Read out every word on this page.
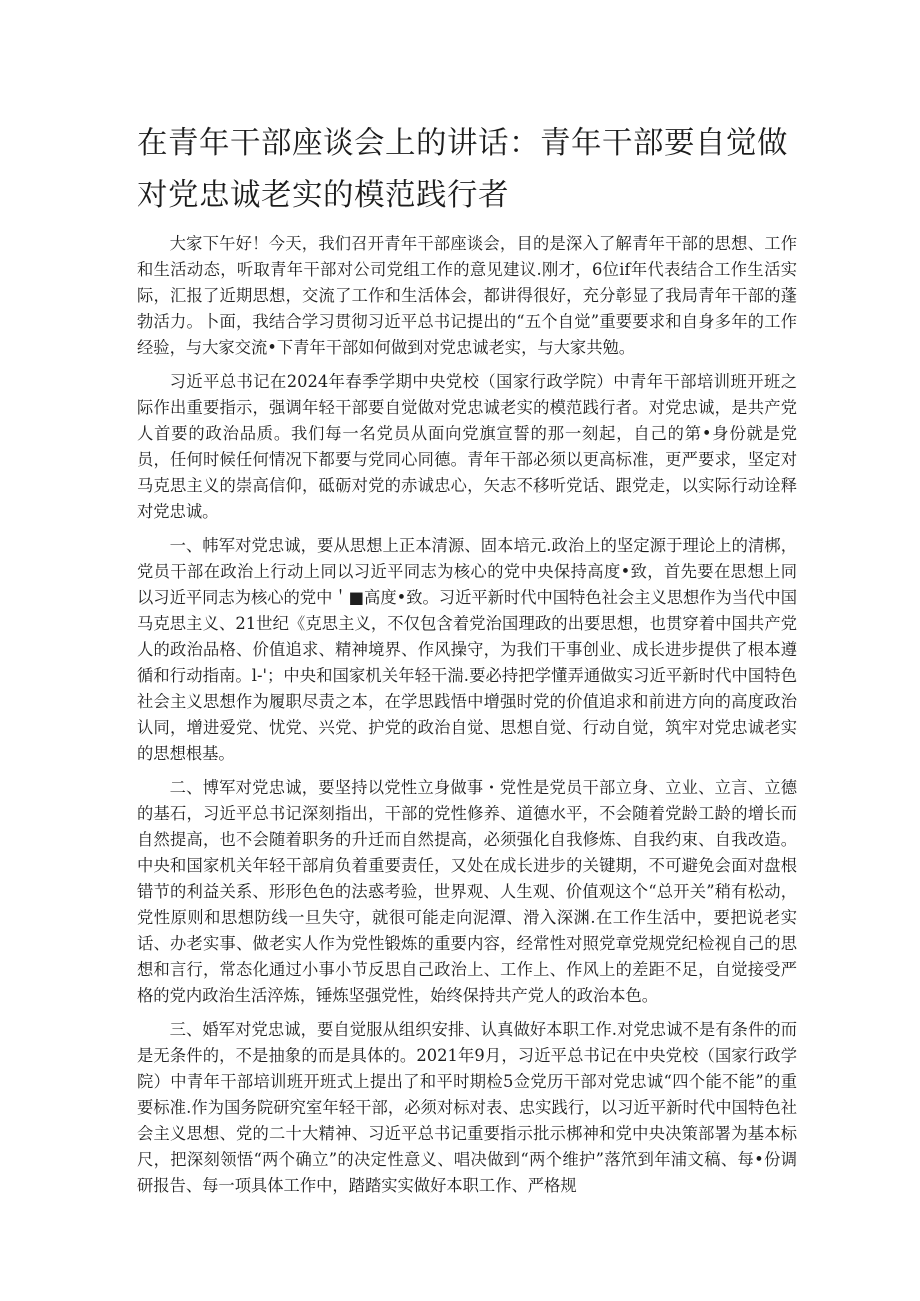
在青年干部座谈会上的讲话：青年干部要自觉做对党忠诚老实的模范践行者

大家下午好！今天，我们召开青年干部座谈会，目的是深入了解青年干部的思想、工作和生活动态，听取青年干部对公司党组工作的意见建议.刚才，6位if年代表结合工作生活实际，汇报了近期思想，交流了工作和生活体会，都讲得很好，充分彰显了我局青年干部的蓬勃活力。卜面，我结合学习贯彻习近平总书记提出的“五个自觉”重要要求和自身多年的工作经验，与大家交流•下青年干部如何做到对党忠诚老实，与大家共勉。

习近平总书记在2024年春季学期中央党校（国家行政学院）中青年干部培训班开班之际作出重要指示，强调年轻干部要自觉做对党忠诚老实的模范践行者。对党忠诚，是共产党人首要的政治品质。我们每一名党员从面向党旗宣誓的那一刻起，自己的第•身份就是党员，任何时候任何情况下都要与党同心同德。青年干部必须以更高标准，更严要求，坚定对马克思主义的崇高信仰，砥砺对党的赤诚忠心，矢志不移听党话、跟党走，以实际行动诠释对党忠诚。

一、帏军对党忠诚，要从思想上正本清源、固本培元.政治上的坚定源于理论上的清梆，党员干部在政治上行动上同以习近平同志为核心的党中央保持高度•致，首先要在思想上同以习近平同志为核心的党中＇■高度•致。习近平新时代中国特色社会主义思想作为当代中国马克思主义、21世纪《克思主义，不仅包含着党治国理政的出要思想，也贯穿着中国共产党人的政治品格、价值追求、精神境界、作风操守，为我们干事创业、成长进步提供了根本遵循和行动指南。l-'；中央和国家机关年轻干湍.要必持把学懂弄通做实习近平新时代中国特色社会主义思想作为履职尽责之本，在学思践悟中增强时党的价值追求和前进方向的高度政治认同，增进爱党、忧党、兴党、护党的政治自觉、思想自觉、行动自觉，筑牢对党忠诚老实的思想根基。

二、博军对党忠诚，要坚持以党性立身做事・党性是党员干部立身、立业、立言、立德的基石，习近平总书记深刻指出，干部的党性修养、道德水平，不会随着党龄工龄的增长而自然提高，也不会随着职务的升迁而自然提高，必须强化自我修炼、自我约束、自我改造。中央和国家机关年轻干部肩负着重要责任，又处在成长进步的关键期，不可避免会面对盘根错节的利益关系、形形色色的法惑考验，世界观、人生观、价值观这个“总开关”稍有松动，党性原则和思想防线一旦失守，就很可能走向泥潭、滑入深渊.在工作生活中，要把说老实话、办老实事、做老实人作为党性锻炼的重要内容，经常性对照党章党规党纪检视自己的思想和言行，常态化通过小事小节反思自己政治上、工作上、作风上的差距不足，自觉接受严格的党内政治生活淬炼，锤炼坚强党性，始终保持共产党人的政治本色。

三、婚军对党忠诚，要自觉服从组织安排、认真做好本职工作.对党忠诚不是有条件的而是无条件的，不是抽象的而是具体的。2021年9月，习近平总书记在中央党校（国家行政学院）中青年干部培训班开班式上提出了和平时期检5佥党历干部对党忠诚“四个能不能”的重要标准.作为国务院研究室年轻干部，必须对标对表、忠实践行，以习近平新时代中国特色社会主义思想、党的二十大精神、习近平总书记重要指示批示梆神和党中央决策部署为基本标尺，把深刻领悟“两个确立”的决定性意义、唱决做到“两个维护”落笊到年浦文稿、每•份调研报告、每一项具体工作中，踏踏实实做好本职工作、严格规
